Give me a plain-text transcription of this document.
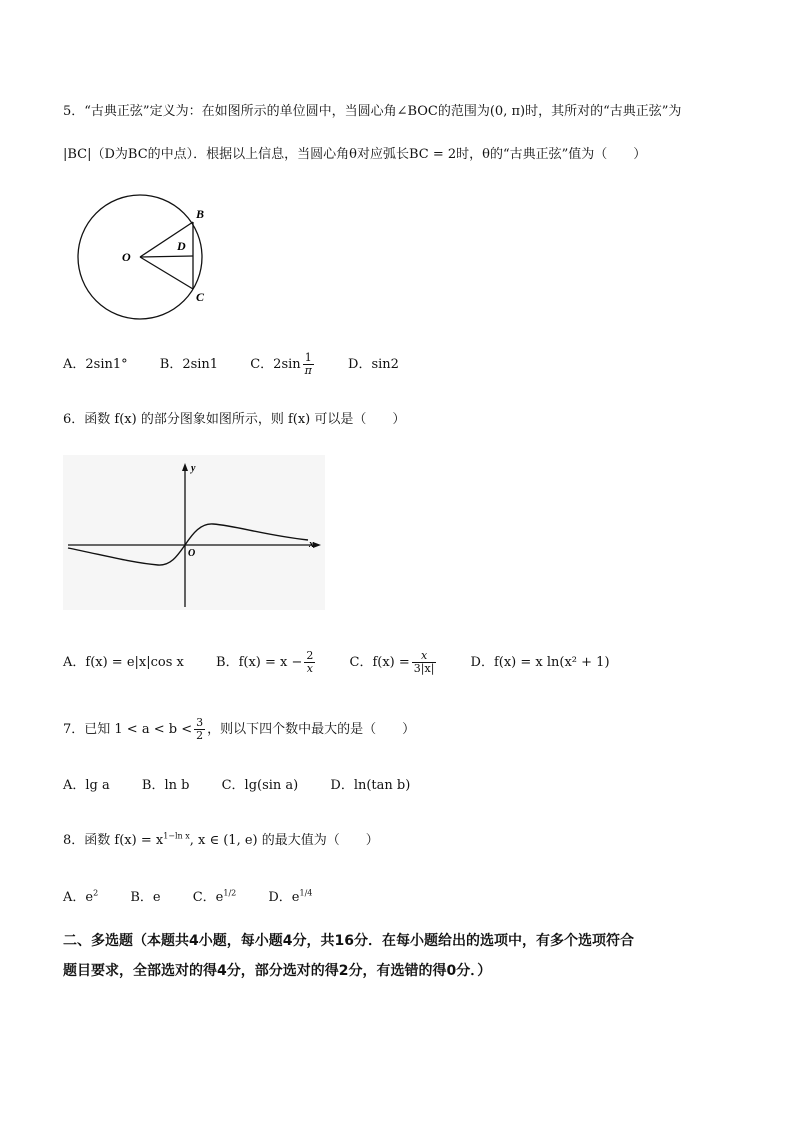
5．“古典正弦”定义为：在如图所示的单位圆中，当圆心角∠BOC的范围为(0, π)时，其所对的“古典正弦”为
|BC|（D为BC的中点）．根据以上信息，当圆心角θ对应弧长BC = 2时，θ的“古典正弦”值为（　　）
O
B
C
D
A．2sin1° B．2sin1 C．$2\sin \frac{1}{\pi}$	D．sin2
6．函数 f(x) 的部分图象如图所示，则 f(x) 可以是（　　）
x
y
O
A．f(x) = e|x|cos x B．$f(x) = x - \frac{2}{x}$	C．$f(x) = \frac{x}{3|x|}$	D．f(x) = x ln(x² + 1)
7．已知 $1 < a < b < \frac{3}{2}$ ，则以下四个数中最大的是（　　）
A．lg a B．ln b C．lg(sin a) D．ln(tan b)
8．函数 $f(x) = x^{1-ln x}$, x ∈ (1, e) 的最大值为（　　）
A．$e^2$ B．e C．$e^{1/2}$ D．$e^{1/4}$
二、多选题（本题共4小题，每小题4分，共16分．在每小题给出的选项中，有多个选项符合
题目要求，全部选对的得4分，部分选对的得2分，有选错的得0分．）
